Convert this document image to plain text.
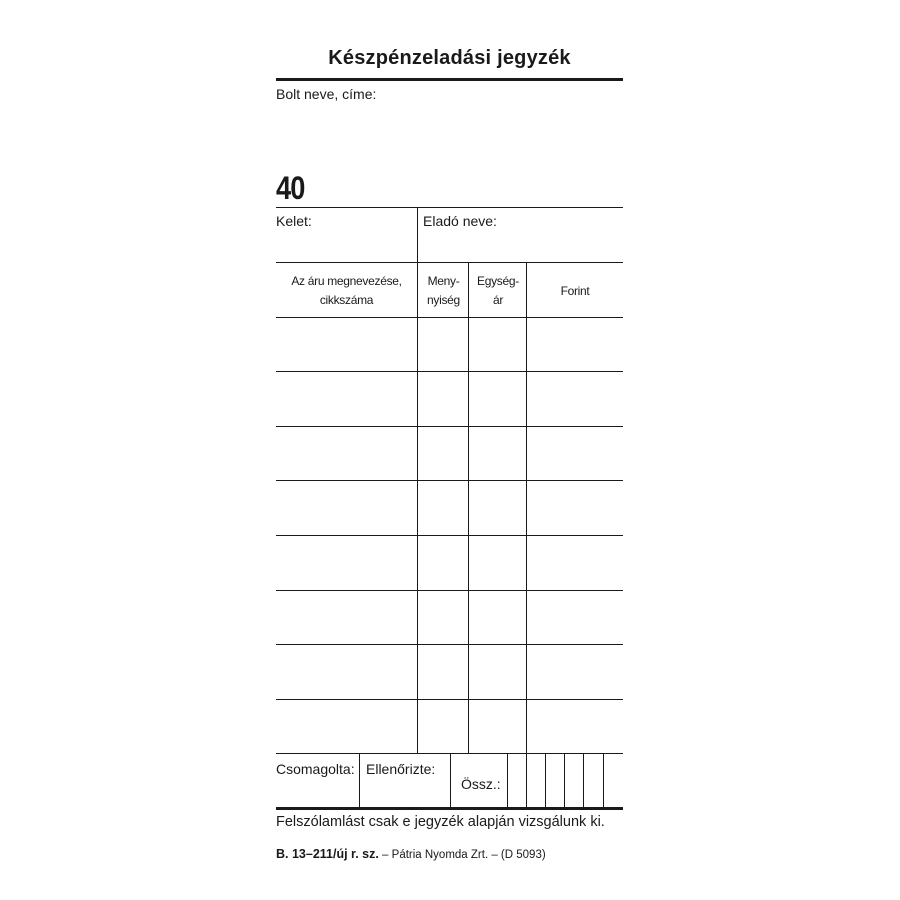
Készpénzeladási jegyzék
Bolt neve, címe:
40
Kelet:	Eladó neve:
Az áru megnevezése,
cikkszáma
Meny-
nyiség
Egység-
ár
Forint
Csomagolta: Ellenőrizte:
Össz.:
Felszólamlást csak e jegyzék alapján vizsgálunk ki.
B. 13–211/új r. sz. – Pátria Nyomda Zrt. – (D 5093)
